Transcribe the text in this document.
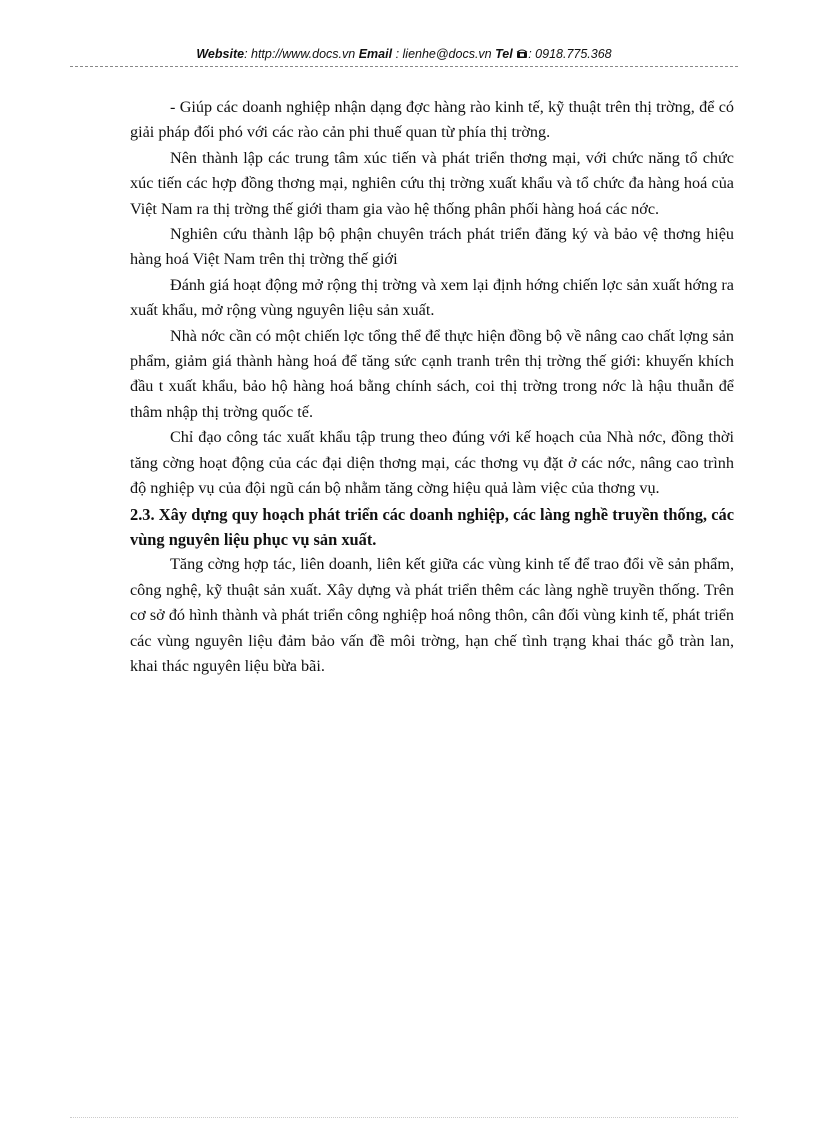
Website: http://www.docs.vn Email : lienhe@docs.vn Tel : 0918.775.368

- Giúp các doanh nghiệp nhận dạng đợc hàng rào kinh tế, kỹ thuật trên thị trờng, để có giải pháp đối phó với các rào cản phi thuế quan từ phía thị trờng.

Nên thành lập các trung tâm xúc tiến và phát triển thơng mại, với chức năng tổ chức xúc tiến các hợp đồng thơng mại, nghiên cứu thị trờng xuất khẩu và tổ chức đa hàng hoá của Việt Nam ra thị trờng thế giới tham gia vào hệ thống phân phối hàng hoá các nớc.

Nghiên cứu thành lập bộ phận chuyên trách phát triển đăng ký và bảo vệ thơng hiệu hàng hoá Việt Nam trên thị trờng thế giới

Đánh giá hoạt động mở rộng thị trờng và xem lại định hớng chiến lợc sản xuất hớng ra xuất khẩu, mở rộng vùng nguyên liệu sản xuất.

Nhà nớc cần có một chiến lợc tổng thể để thực hiện đồng bộ về nâng cao chất lợng sản phẩm, giảm giá thành hàng hoá để tăng sức cạnh tranh trên thị trờng thế giới: khuyến khích đầu t xuất khẩu, bảo hộ hàng hoá bằng chính sách, coi thị trờng trong nớc là hậu thuẫn để thâm nhập thị trờng quốc tế.

Chỉ đạo công tác xuất khẩu tập trung theo đúng với kế hoạch của Nhà nớc, đồng thời tăng cờng hoạt động của các đại diện thơng mại, các thơng vụ đặt ở các nớc, nâng cao trình độ nghiệp vụ của đội ngũ cán bộ nhằm tăng cờng hiệu quả làm việc của thơng vụ.

2.3. Xây dựng quy hoạch phát triển các doanh nghiệp, các làng nghề truyền thống, các vùng nguyên liệu phục vụ sản xuất.

Tăng cờng hợp tác, liên doanh, liên kết giữa các vùng kinh tế để trao đổi về sản phẩm, công nghệ, kỹ thuật sản xuất. Xây dựng và phát triển thêm các làng nghề truyền thống. Trên cơ sở đó hình thành và phát triển công nghiệp hoá nông thôn, cân đối vùng kinh tế, phát triển các vùng nguyên liệu đảm bảo vấn đề môi trờng, hạn chế tình trạng khai thác gỗ tràn lan, khai thác nguyên liệu bừa bãi.
